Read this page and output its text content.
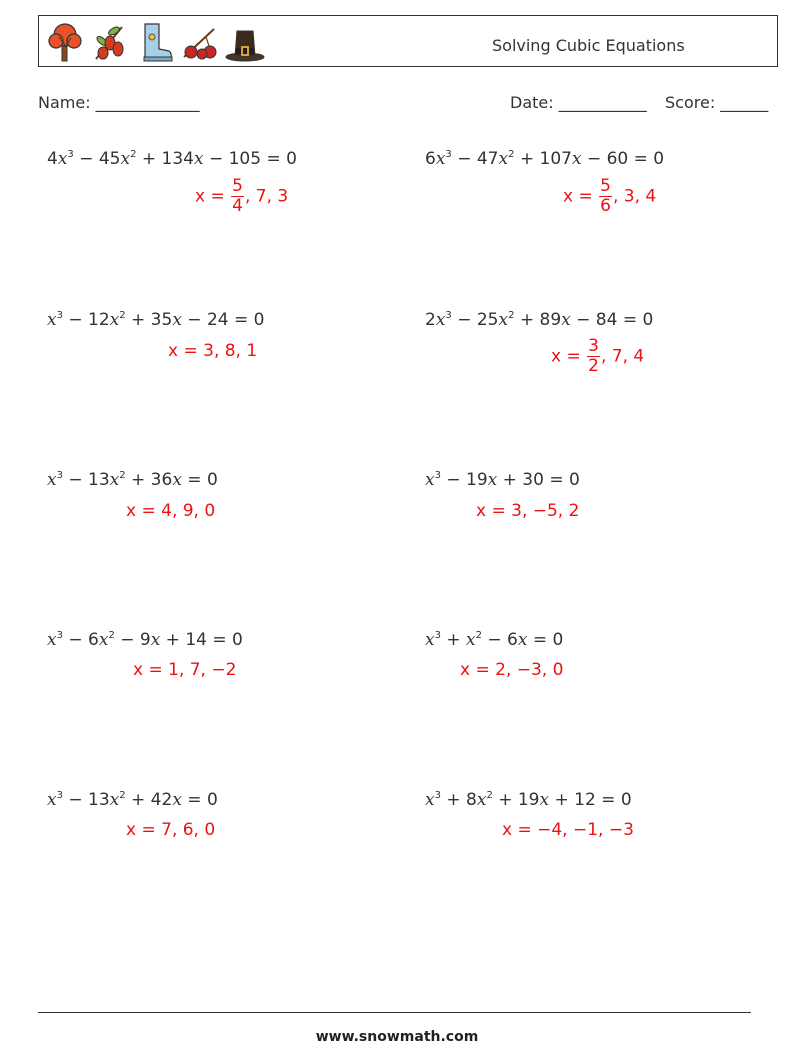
Solving Cubic Equations
Name: _____________	Date: ___________ Score: ______
$4x^3 - 45x^2 + 134x - 105 = 0$
$x = \frac{5}{4}$ , 7, 3
$6x^3 - 47x^2 + 107x - 60 = 0$
$x = \frac{5}{6}$ , 3, 4
$x^3 - 12x^2 + 35x - 24 = 0$
x = 3, 8, 1
$2x^3 - 25x^2 + 89x - 84 = 0$
$x = \frac{3}{2}$ , 7, 4
$x^3 - 13x^2 + 36x = 0$
x = 4, 9, 0
$x^3 - 19x + 30 = 0$
x = 3, −5, 2
$x^3 - 6x^2 - 9x + 14 = 0$
x = 1, 7, −2
$x^3 + x^2 - 6x = 0$
x = 2, −3, 0
$x^3 - 13x^2 + 42x = 0$
x = 7, 6, 0
$x^3 + 8x^2 + 19x + 12 = 0$
x = −4, −1, −3
www.snowmath.com
